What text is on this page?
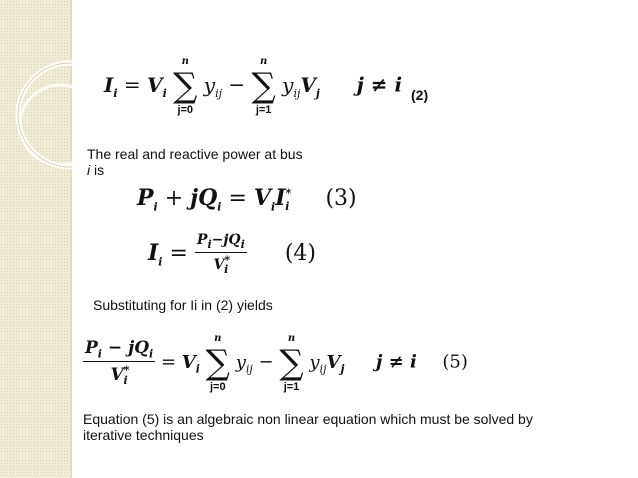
$I_i = V_i$
n
∑
j=0
$y_{ij}$ −
n
∑
j=1
$y_{ij}V_j$ j ≠ i (2)
The real and reactive power at bus
i is
$P_i + jQ_i = V_iI^*_i$ (3)
$I_i = \frac{P_i-jQ_i}{V^*_i} (4)$
Substituting for Ii in (2) yields
$\frac{P_i - jQ_i}{V^*_i} = V_i$
n
∑
j=0
$y_{ij}$ −
n
∑
j=1
$y_{ij}V_j$ j ≠ i (5)
Equation (5) is an algebraic non linear equation which must be solved by
iterative techniques
